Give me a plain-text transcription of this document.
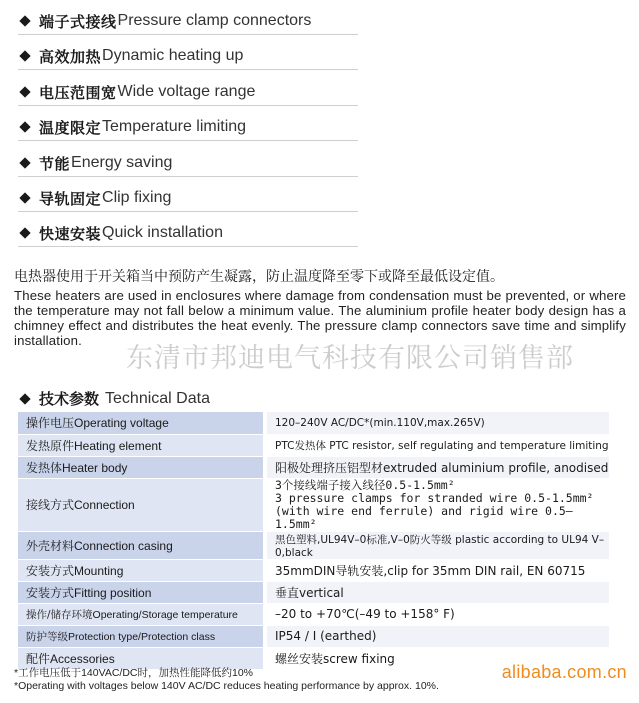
端子式接线 Pressure clamp connectors
高效加热 Dynamic heating up
电压范围宽 Wide voltage range
温度限定 Temperature limiting
节能 Energy saving
导轨固定 Clip fixing
快速安装 Quick installation
电热器使用于开关箱当中预防产生凝露，防止温度降至零下或降至最低设定值。
These heaters are used in enclosures where damage from condensation must be prevented, or where the temperature may not fall below a minimum value. The aluminium profile heater body design has a chimney effect and distributes the heat evenly. The pressure clamp connectors save time and simplify installation.
东清市邦迪电气科技有限公司销售部
技术参数 Technical Data
操作电压Operating voltage	120–240V AC/DC*(min.110V,max.265V)
发热原件Heating element	PTC发热体 PTC resistor, self regulating and temperature limiting
发热体Heater body	阳极处理挤压铝型材extruded aluminium profile, anodised
接线方式Connection	3个接线端子接入线径0.5-1.5mm²
3 pressure clamps for stranded wire 0.5-1.5mm²
(with wire end ferrule) and rigid wire 0.5–1.5mm²

外壳材料Connection casing	黑色塑料,UL94V–0标准,V–0防火等级 plastic according to UL94 V–0,black
安装方式Mounting	35mmDIN导轨安装,clip for 35mm DIN rail, EN 60715
安装方式Fitting position	垂直vertical
操作/储存环境Operating/Storage temperature	–20 to +70℃(–49 to +158° F)
防护等级Protection type/Protection class	IP54 / I (earthed)
配件Accessories	螺丝安装screw fixing
*工作电压低于140VAC/DC时，加热性能降低约10%
*Operating with voltages below 140V AC/DC reduces heating performance by approx. 10%.
alibaba.com.cn
